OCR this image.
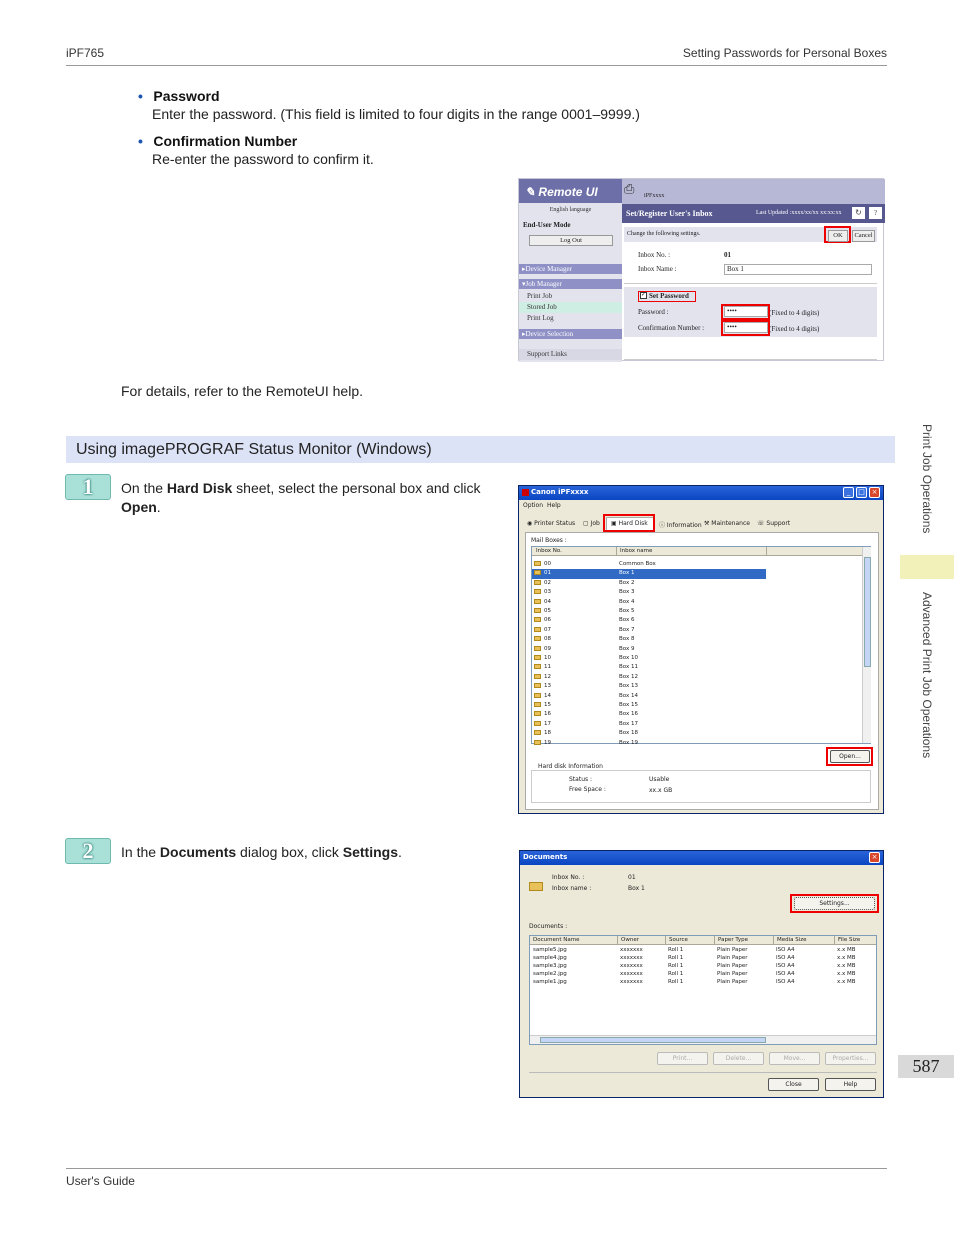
iPF765	Setting Passwords for Personal Boxes
• Password
Enter the password. (This field is limited to four digits in the range 0001–9999.)
• Confirmation Number
Re-enter the password to confirm it.
✎ Remote UI
English language
End-User Mode
Log Out
▸Device Manager
▾Job Manager
Print Job
Stored Job
Print Log
▸Device Selection
Support Links
⎙ iPFxxxx
Set/Register User's Inbox	Last Updated :xxxx/xx/xx xx:xx:xx	↻	?
Change the following settings.	OK	Cancel
Inbox No. :	01
Inbox Name :	Box 1
✓ Set Password
Password :	••••	(Fixed to 4 digits)
Confirmation Number :	••••	(Fixed to 4 digits)
For details, refer to the RemoteUI help.
Using imagePROGRAF Status Monitor (Windows)
1	On the Hard Disk sheet, select the personal box and click Open.
Canon iPFxxxx	_	□ ×
Option Help
◉ Printer Status ▢ Job ▣ Hard Disk ⓘ Information ⚒ Maintenance ☏ Support
Mail Boxes :
Inbox No.	Inbox name
00	Common Box
01	Box 1
02	Box 2
03	Box 3
04	Box 4
05	Box 5
06	Box 6
07	Box 7
08	Box 8
09	Box 9
10	Box 10
11	Box 11
12	Box 12
13	Box 13
14	Box 14
15	Box 15
16	Box 16
17	Box 17
18	Box 18
19	Box 19
Open...
Hard disk Information
Status :	Usable
Free Space :	xx.x GB
2	In the Documents dialog box, click Settings.	Documents	×
Inbox No. :	01
Inbox name :	Box 1
Settings...
Documents :
Document Name	Owner	Source	Paper Type	Media Size	File Size
sample5.jpg	xxxxxxx	Roll 1	Plain Paper	ISO A4	x.x MB
sample4.jpg	xxxxxxx	Roll 1	Plain Paper	ISO A4	x.x MB
sample3.jpg	xxxxxxx	Roll 1	Plain Paper	ISO A4	x.x MB
sample2.jpg	xxxxxxx	Roll 1	Plain Paper	ISO A4	x.x MB
sample1.jpg	xxxxxxx	Roll 1	Plain Paper	ISO A4	x.x MB
Print...	Delete...	Move...	Properties...
Close	Help
Print Job Operations
Advanced Print Job Operations
587
User's Guide
